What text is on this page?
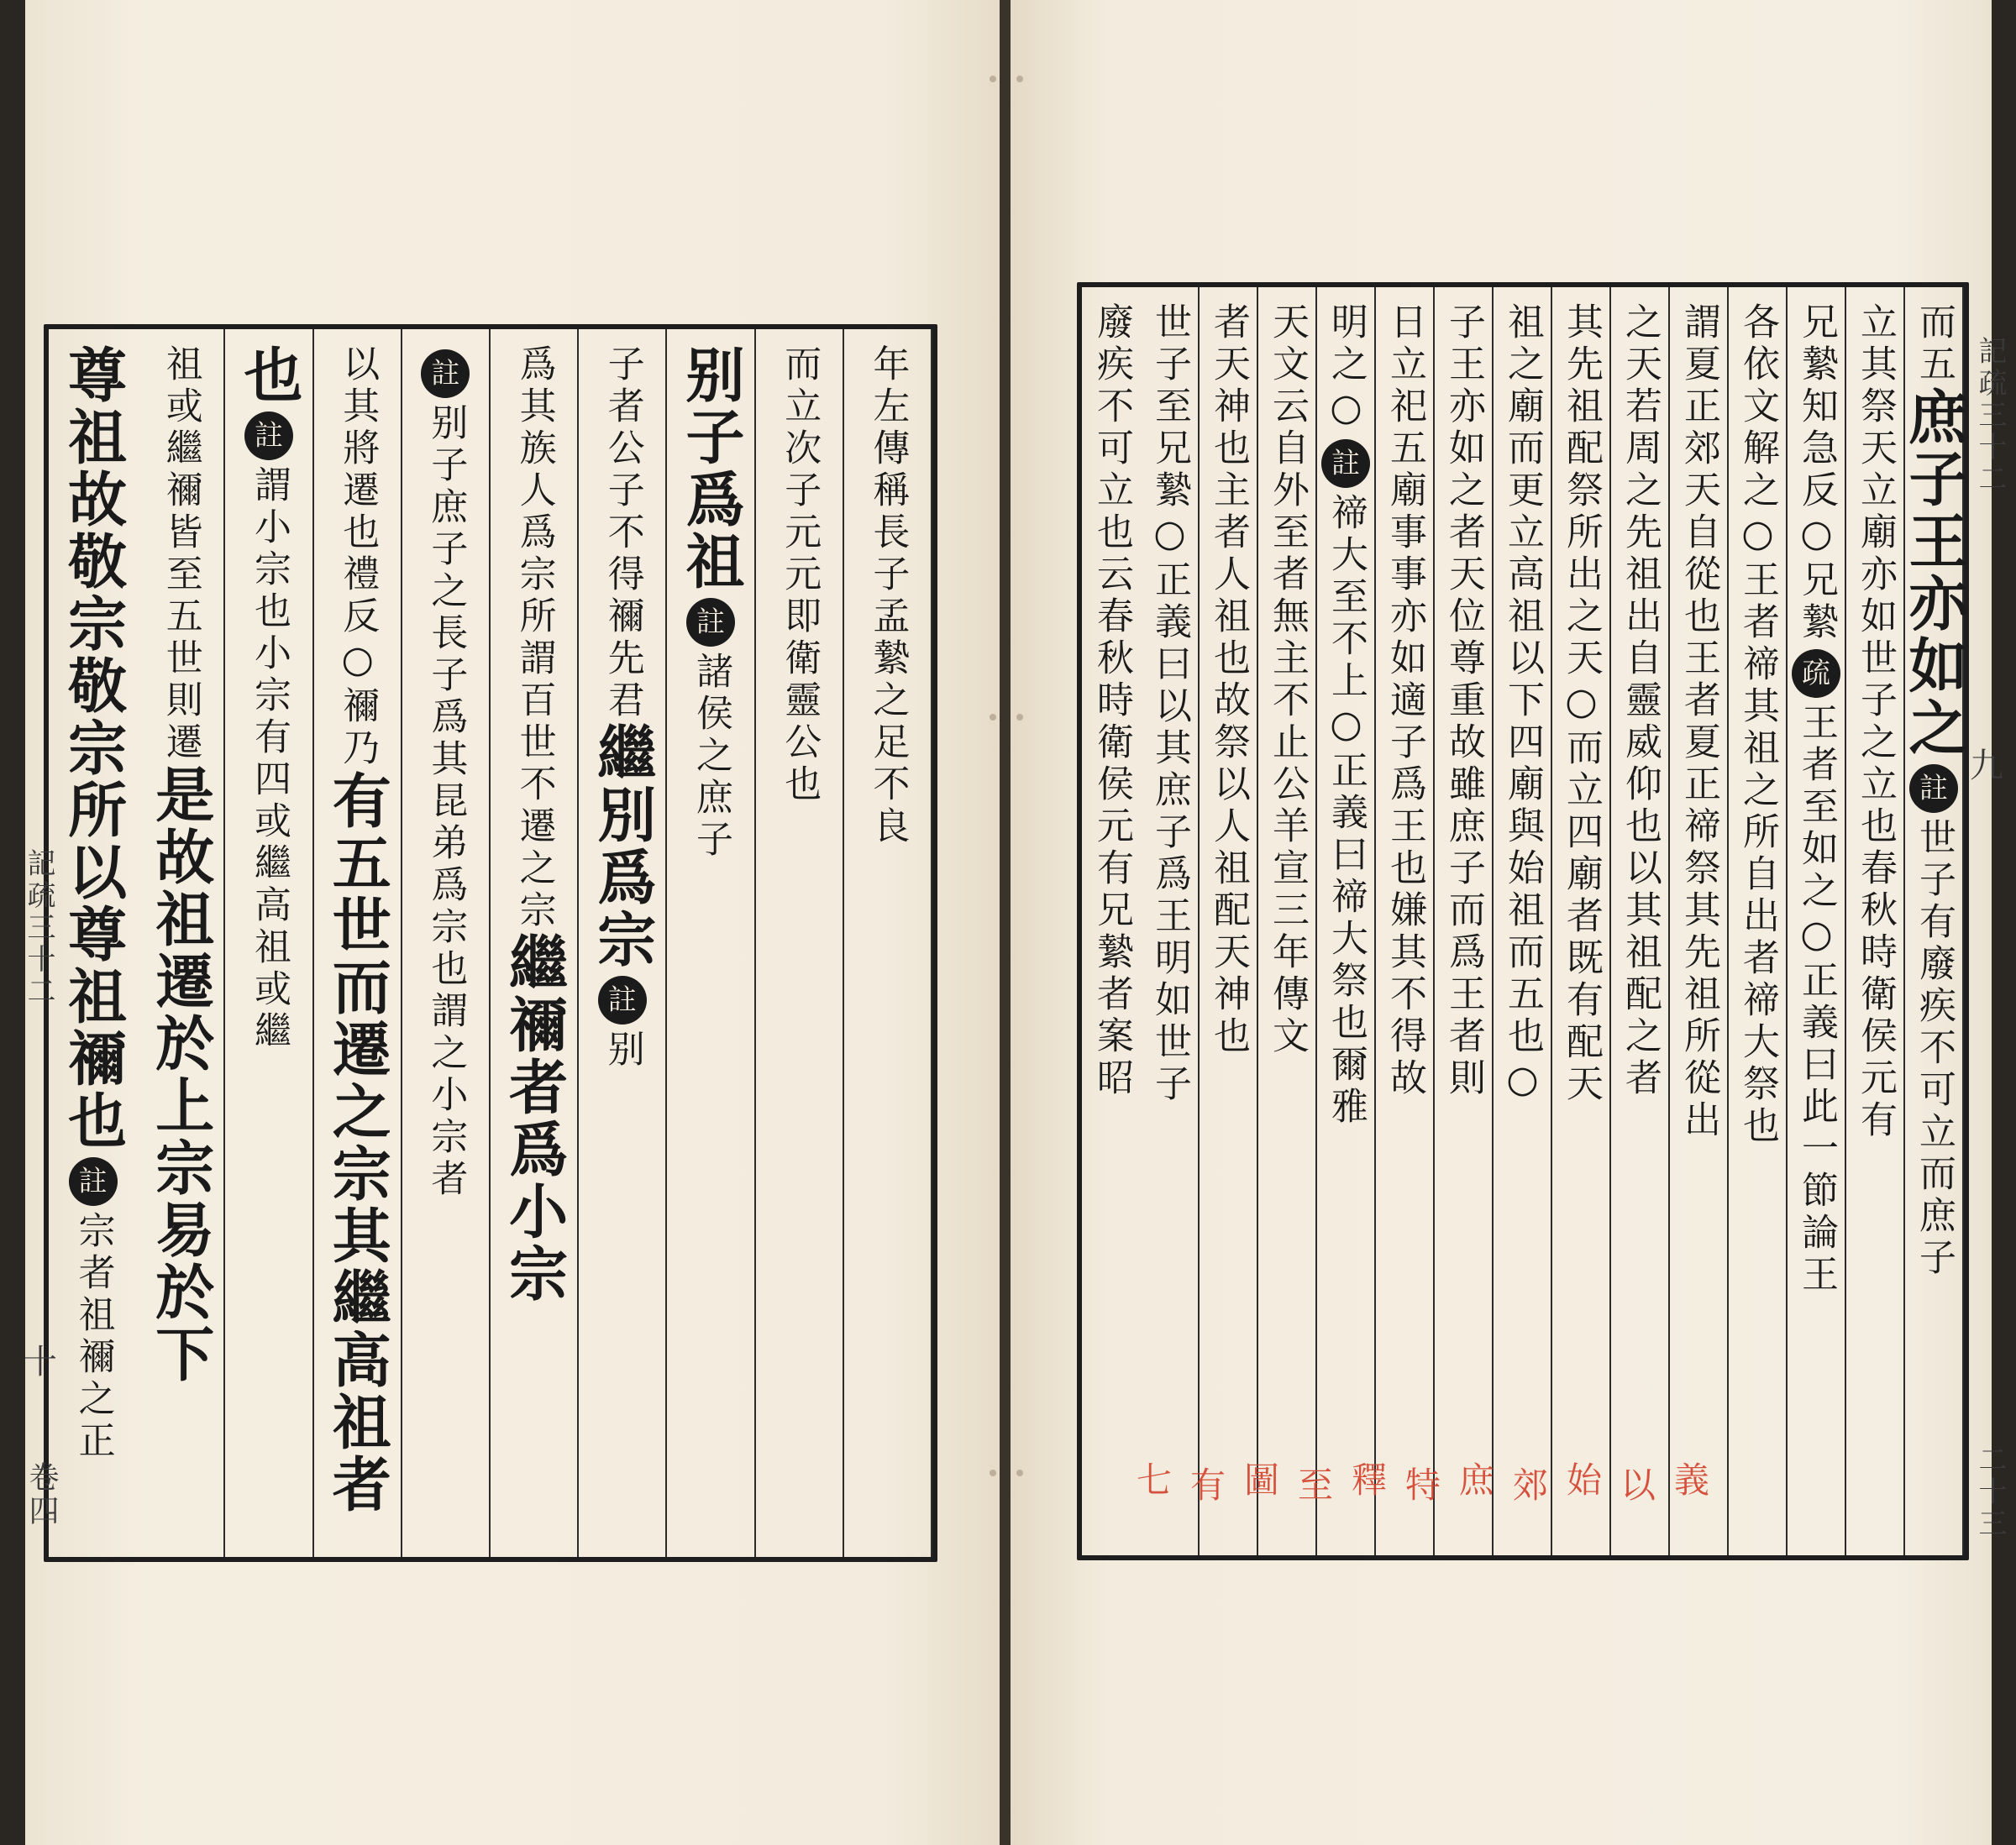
年左傳稱長子孟縶之足不良
而立次子元元即衛靈公也
别子爲祖
註
諸侯之庶子
子者公子不得禰先君
繼別爲宗
註
别
爲其族人爲宗所謂百世不遷之宗
繼禰者爲小宗
註
别子庶子之長子爲其昆弟爲宗也謂之小宗者
以其將遷也禮反○禰乃
有五世而遷之宗其繼高祖者
也
註
謂小宗也小宗有四或繼高祖或繼
祖或繼禰皆至五世則遷
是故祖遷於上宗易於下
尊祖故敬宗敬宗所以尊祖禰也
註
宗者祖禰之正
記疏三十二
十
卷四
而五
庶子王亦如之
註
世子有廢疾不可立而庶子
立其祭天立廟亦如世子之立也春秋時衛侯元有
兄縶知急反○兄縶
疏
王者至如之○正義曰此一節論王
各依文解之○王者禘其祖之所自出者禘大祭也
謂夏正郊天自從也王者夏正禘祭其先祖所從出
之天若周之先祖出自靈威仰也以其祖配之者
其先祖配祭所出之天○而立四廟者既有配天
祖之廟而更立高祖以下四廟與始祖而五也○
子王亦如之者天位尊重故雖庶子而爲王者則
日立祀五廟事事亦如適子爲王也嫌其不得故
明之○
註
禘大至不上○正義曰禘大祭也爾雅
天文云自外至者無主不止公羊宣三年傳文
者天神也主者人祖也故祭以人祖配天神也
世子至兄縶○正義曰以其庶子爲王明如世子
廢疾不可立也云春秋時衛侯元有兄縶者案昭	記疏三十二
九
二十三
義
以
始
郊
庶
特
釋
至
圖
有
七
